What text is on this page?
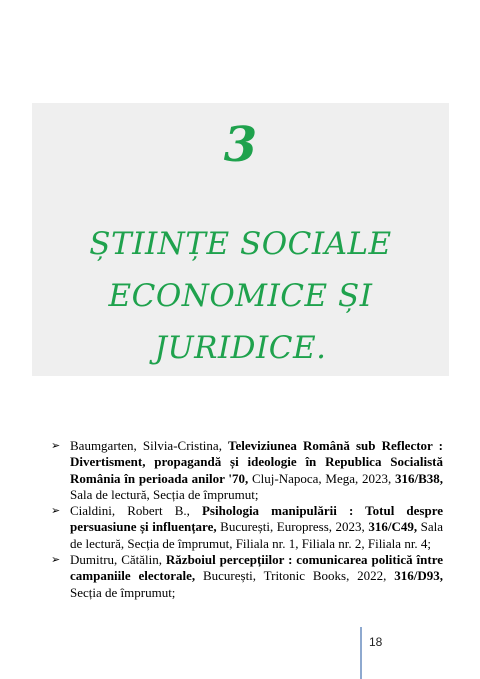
3
ȘTIINȚE SOCIALE
ECONOMICE ȘI
JURIDICE.
➢ Baumgarten, Silvia-Cristina, Televiziunea Română sub Reflector : Divertisment, propagandă și ideologie în Republica Socialistă România în perioada anilor '70, Cluj-Napoca, Mega, 2023, 316/B38, Sala de lectură, Secția de împrumut;
➢ Cialdini, Robert B., Psihologia manipulării : Totul despre persuasiune și influențare, București, Europress, 2023, 316/C49, Sala de lectură, Secția de împrumut, Filiala nr. 1, Filiala nr. 2, Filiala nr. 4;
➢ Dumitru, Cătălin, Războiul percepțiilor : comunicarea politică între campaniile electorale, București, Tritonic Books, 2022, 316/D93, Secția de împrumut;
18
